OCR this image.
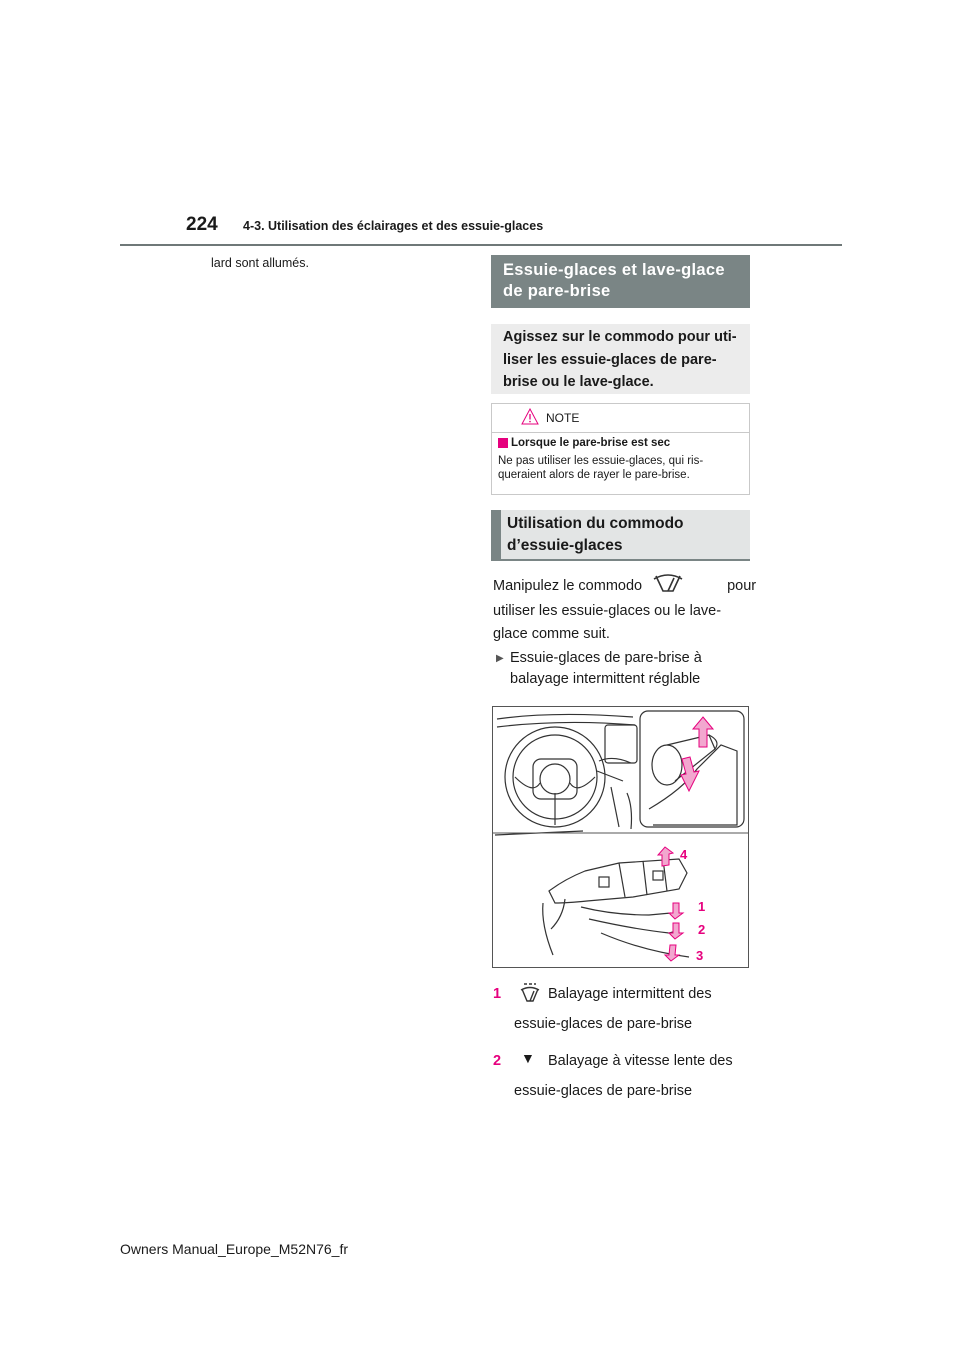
224 4-3. Utilisation des éclairages et des essuie-glaces
lard sont allumés.	Essuie-glaces et lave-glace
de pare-brise
Agissez sur le commodo pour uti-
liser les essuie-glaces de pare-
brise ou le lave-glace.
NOTE
Lorsque le pare-brise est sec
Ne pas utiliser les essuie-glaces, qui ris-queraient alors de rayer le pare-brise.
Utilisation du commodo
d’essuie-glaces
Manipulez le commodo	pour
utiliser les essuie-glaces ou le lave-
glace comme suit.
▶ Essuie-glaces de pare-brise à
balayage intermittent réglable
4
1
2
3
1	Balayage intermittent des
essuie-glaces de pare-brise
2 ▼ Balayage à vitesse lente des
essuie-glaces de pare-brise
Owners Manual_Europe_M52N76_fr
